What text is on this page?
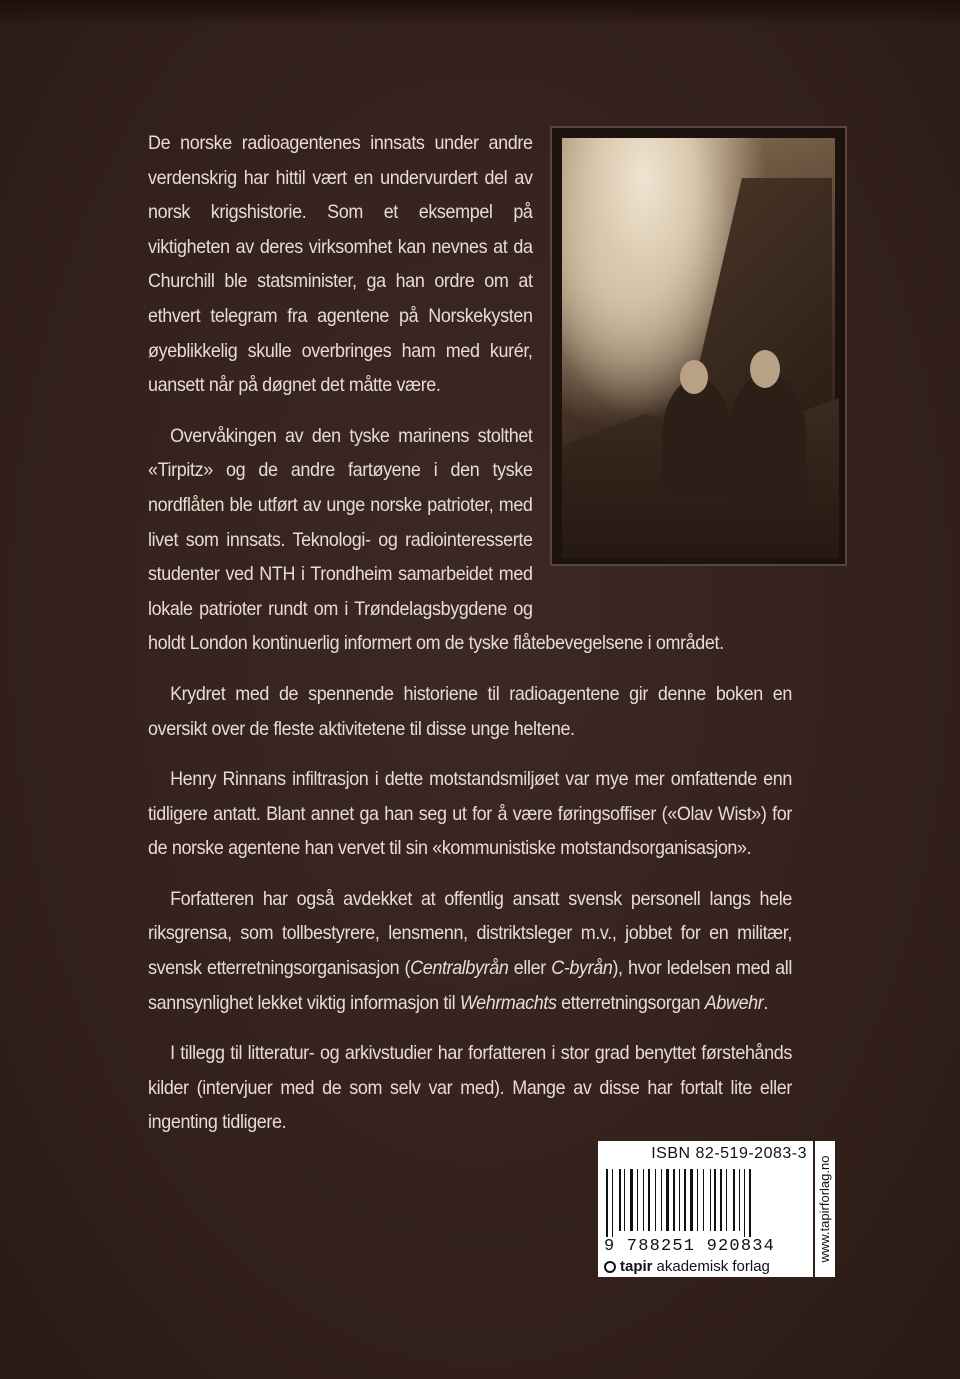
De norske radioagentenes innsats under andre verdenskrig har hittil vært en undervurdert del av norsk krigshistorie. Som et eksempel på viktigheten av deres virksomhet kan nevnes at da Churchill ble statsminister, ga han ordre om at ethvert telegram fra agentene på Norskekysten øyeblikkelig skulle overbringes ham med kurér, uansett når på døgnet det måtte være.

Overvåkingen av den tyske marinens stolthet «Tirpitz» og de andre fartøyene i den tyske nordflåten ble utført av unge norske patrioter, med livet som innsats. Teknologi- og radiointeresserte studenter ved NTH i Trondheim samarbeidet med lokale patrioter rundt om i Trøndelagsbygdene og holdt London kontinuerlig informert om de tyske flåtebevegelsene i området.

Krydret med de spennende historiene til radioagentene gir denne boken en oversikt over de fleste aktivitetene til disse unge heltene.

Henry Rinnans infiltrasjon i dette motstandsmiljøet var mye mer omfattende enn tidligere antatt. Blant annet ga han seg ut for å være føringsoffiser («Olav Wist») for de norske agentene han vervet til sin «kommunistiske motstandsorganisasjon».

Forfatteren har også avdekket at offentlig ansatt svensk personell langs hele riksgrensa, som tollbestyrere, lensmenn, distriktsleger m.v., jobbet for en militær, svensk etterretningsorganisasjon (Centralbyrån eller C-byrån), hvor ledelsen med all sannsynlighet lekket viktig informasjon til Wehrmachts etterretningsorgan Abwehr.

I tillegg til litteratur- og arkivstudier har forfatteren i stor grad benyttet førstehånds kilder (intervjuer med de som selv var med). Mange av disse har fortalt lite eller ingenting tidligere.

ISBN 82-519-2083-3
9 788251 920834
tapir akademisk forlag
www.tapirforlag.no
